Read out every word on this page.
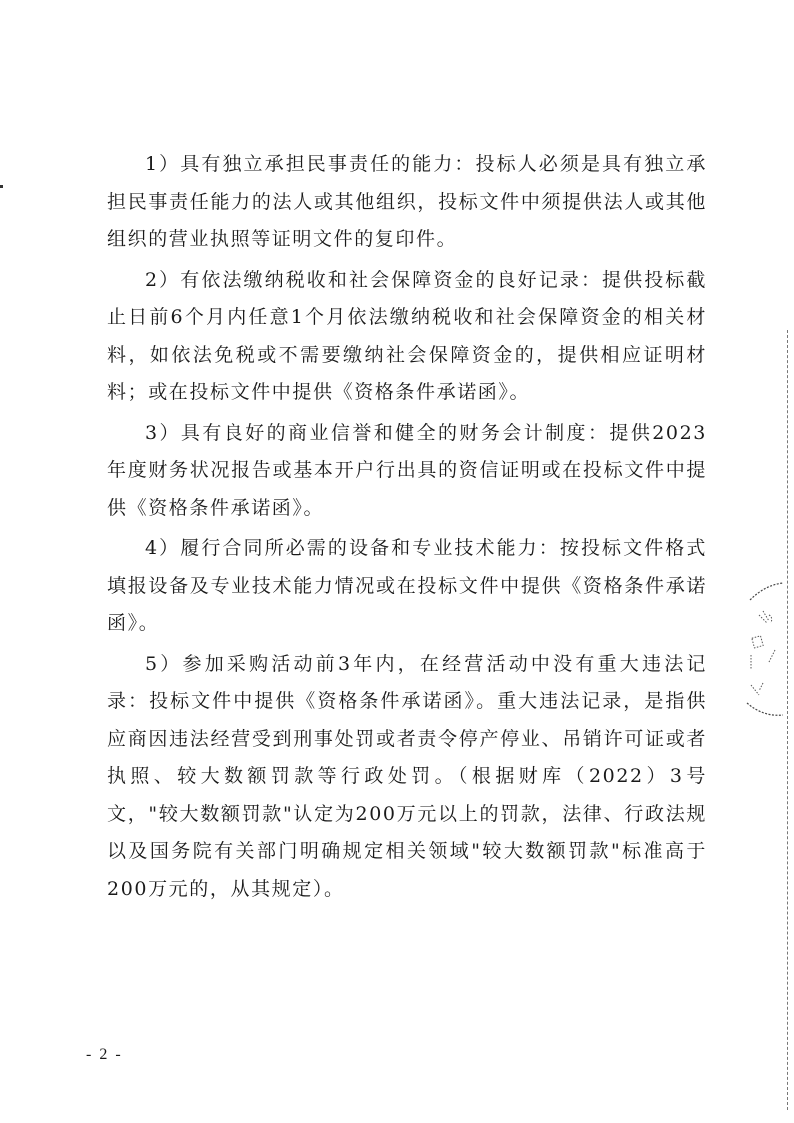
1）具有独立承担民事责任的能力：投标人必须是具有独立承担民事责任能力的法人或其他组织，投标文件中须提供法人或其他组织的营业执照等证明文件的复印件。

2）有依法缴纳税收和社会保障资金的良好记录：提供投标截止日前6个月内任意1个月依法缴纳税收和社会保障资金的相关材料，如依法免税或不需要缴纳社会保障资金的，提供相应证明材料；或在投标文件中提供《资格条件承诺函》。

3）具有良好的商业信誉和健全的财务会计制度：提供2023年度财务状况报告或基本开户行出具的资信证明或在投标文件中提供《资格条件承诺函》。

4）履行合同所必需的设备和专业技术能力：按投标文件格式填报设备及专业技术能力情况或在投标文件中提供《资格条件承诺函》。

5）参加采购活动前3年内，在经营活动中没有重大违法记录：投标文件中提供《资格条件承诺函》。重大违法记录，是指供应商因违法经营受到刑事处罚或者责令停产停业、吊销许可证或者执照、较大数额罚款等行政处罚。（根据财库（2022）3号文，"较大数额罚款"认定为200万元以上的罚款，法律、行政法规以及国务院有关部门明确规定相关领域"较大数额罚款"标准高于200万元的，从其规定）。

- 2 -
